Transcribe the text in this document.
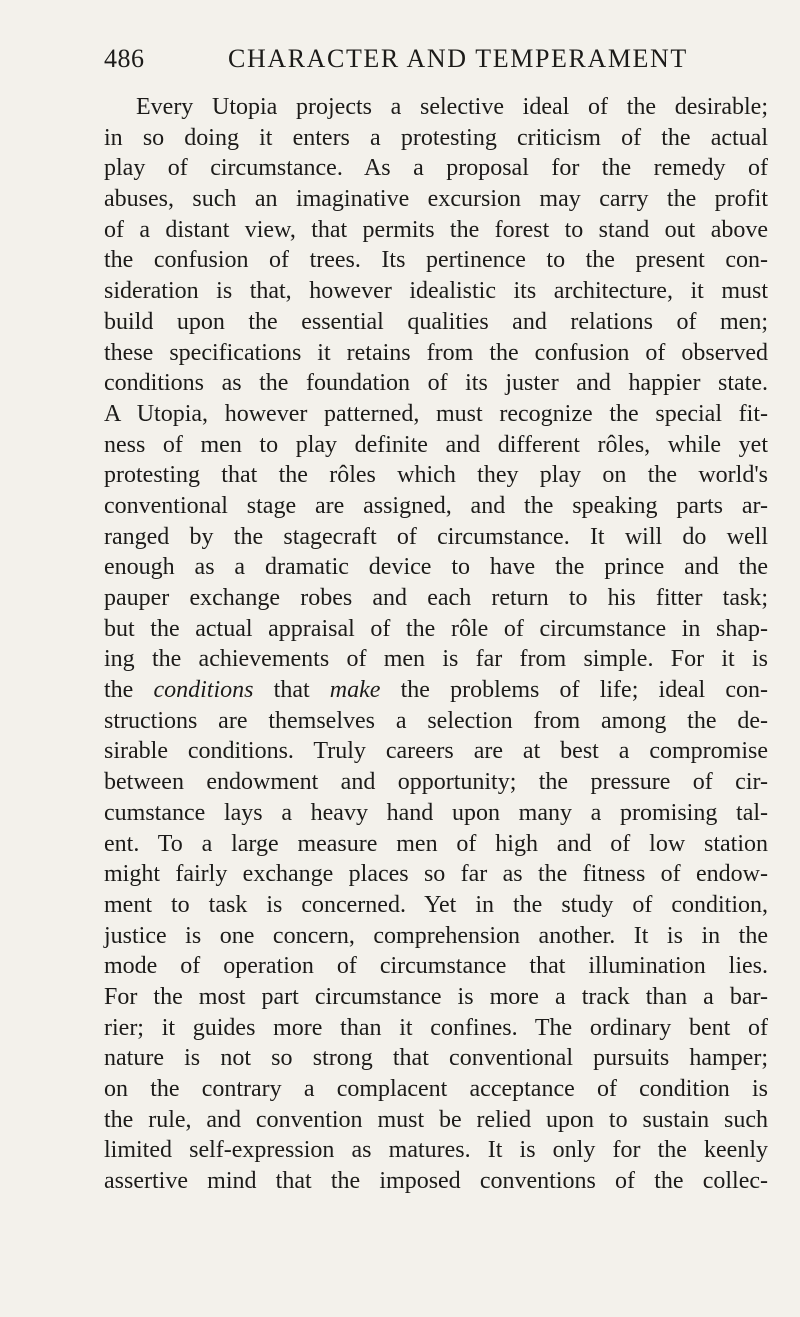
486	CHARACTER AND TEMPERAMENT
Every Utopia projects a selective ideal of the desirable;
in so doing it enters a protesting criticism of the actual
play of circumstance. As a proposal for the remedy of
abuses, such an imaginative excursion may carry the profit
of a distant view, that permits the forest to stand out above
the confusion of trees. Its pertinence to the present con-
sideration is that, however idealistic its architecture, it must
build upon the essential qualities and relations of men;
these specifications it retains from the confusion of observed
conditions as the foundation of its juster and happier state.
A Utopia, however patterned, must recognize the special fit-
ness of men to play definite and different rôles, while yet
protesting that the rôles which they play on the world's
conventional stage are assigned, and the speaking parts ar-
ranged by the stagecraft of circumstance. It will do well
enough as a dramatic device to have the prince and the
pauper exchange robes and each return to his fitter task;
but the actual appraisal of the rôle of circumstance in shap-
ing the achievements of men is far from simple. For it is
the conditions that make the problems of life; ideal con-
structions are themselves a selection from among the de-
sirable conditions. Truly careers are at best a compromise
between endowment and opportunity; the pressure of cir-
cumstance lays a heavy hand upon many a promising tal-
ent. To a large measure men of high and of low station
might fairly exchange places so far as the fitness of endow-
ment to task is concerned. Yet in the study of condition,
justice is one concern, comprehension another. It is in the
mode of operation of circumstance that illumination lies.
For the most part circumstance is more a track than a bar-
rier; it guides more than it confines. The ordinary bent of
nature is not so strong that conventional pursuits hamper;
on the contrary a complacent acceptance of condition is
the rule, and convention must be relied upon to sustain such
limited self-expression as matures. It is only for the keenly
assertive mind that the imposed conventions of the collec-
